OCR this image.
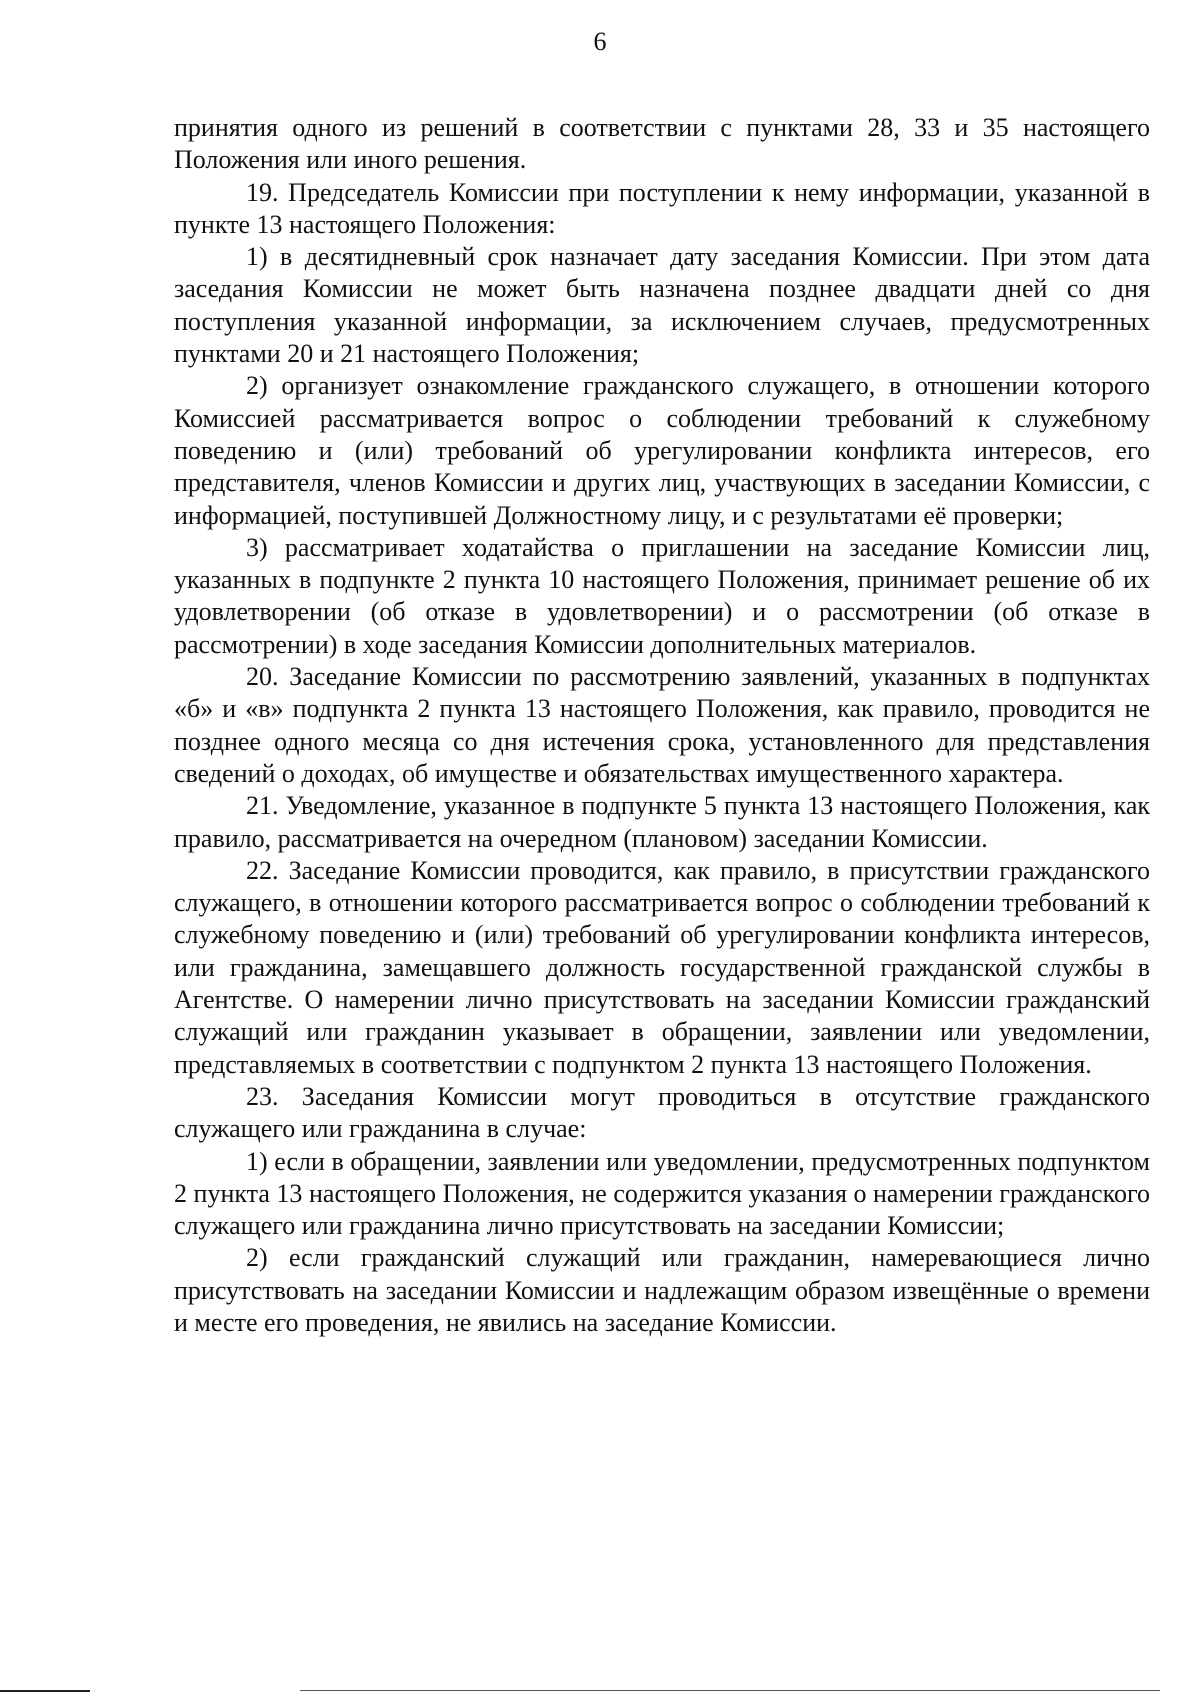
6

принятия одного из решений в соответствии с пунктами 28, 33 и 35 настоящего Положения или иного решения.

19. Председатель Комиссии при поступлении к нему информации, указанной в пункте 13 настоящего Положения:

1) в десятидневный срок назначает дату заседания Комиссии. При этом дата заседания Комиссии не может быть назначена позднее двадцати дней со дня поступления указанной информации, за исключением случаев, предусмотренных пунктами 20 и 21 настоящего Положения;

2) организует ознакомление гражданского служащего, в отношении которого Комиссией рассматривается вопрос о соблюдении требований к служебному поведению и (или) требований об урегулировании конфликта интересов, его представителя, членов Комиссии и других лиц, участвующих в заседании Комиссии, с информацией, поступившей Должностному лицу, и с результатами её проверки;

3) рассматривает ходатайства о приглашении на заседание Комиссии лиц, указанных в подпункте 2 пункта 10 настоящего Положения, принимает решение об их удовлетворении (об отказе в удовлетворении) и о рассмотрении (об отказе в рассмотрении) в ходе заседания Комиссии дополнительных материалов.

20. Заседание Комиссии по рассмотрению заявлений, указанных в подпунктах «б» и «в» подпункта 2 пункта 13 настоящего Положения, как правило, проводится не позднее одного месяца со дня истечения срока, установленного для представления сведений о доходах, об имуществе и обязательствах имущественного характера.

21. Уведомление, указанное в подпункте 5 пункта 13 настоящего Положения, как правило, рассматривается на очередном (плановом) заседании Комиссии.

22. Заседание Комиссии проводится, как правило, в присутствии гражданского служащего, в отношении которого рассматривается вопрос о соблюдении требований к служебному поведению и (или) требований об урегулировании конфликта интересов, или гражданина, замещавшего должность государственной гражданской службы в Агентстве. О намерении лично присутствовать на заседании Комиссии гражданский служащий или гражданин указывает в обращении, заявлении или уведомлении, представляемых в соответствии с подпунктом 2 пункта 13 настоящего Положения.

23. Заседания Комиссии могут проводиться в отсутствие гражданского служащего или гражданина в случае:

1) если в обращении, заявлении или уведомлении, предусмотренных подпунктом 2 пункта 13 настоящего Положения, не содержится указания о намерении гражданского служащего или гражданина лично присутствовать на заседании Комиссии;

2) если гражданский служащий или гражданин, намеревающиеся лично присутствовать на заседании Комиссии и надлежащим образом извещённые о времени и месте его проведения, не явились на заседание Комиссии.
